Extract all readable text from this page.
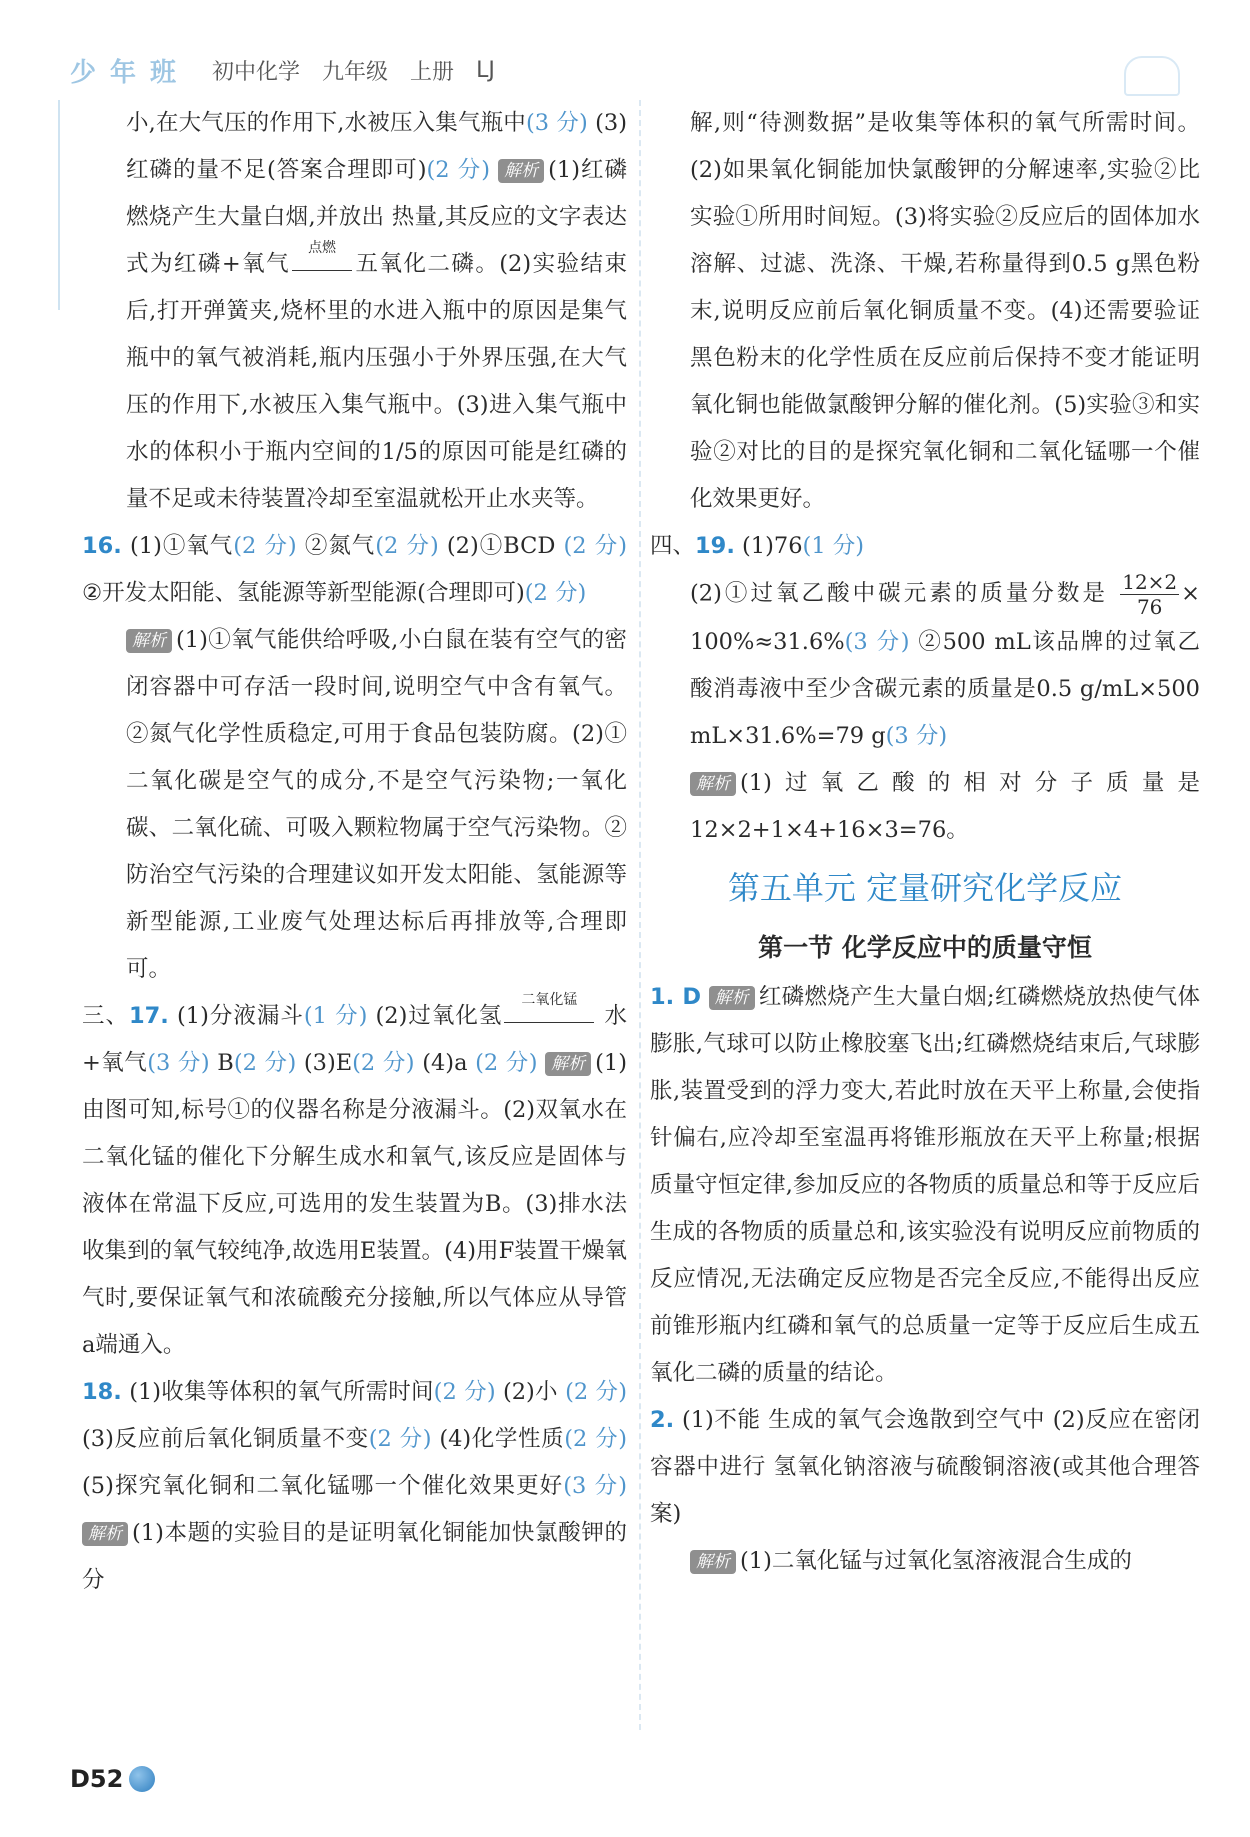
少年班 初中化学 九年级 上册 LJ

小,在大气压的作用下,水被压入集气瓶中(3 分) (3)红磷的量不足(答案合理即可)(2 分) 解析 (1)红磷燃烧产生大量白烟,并放出 热量,其反应的文字表达式为红磷+氧气
点燃
五氧化二磷。(2)实验结束后,打开弹簧夹,烧杯里的水进入瓶中的原因是集气瓶中的氧气被消耗,瓶内压强小于外界压强,在大气压的作用下,水被压入集气瓶中。(3)进入集气瓶中水的体积小于瓶内空间的1/5的原因可能是红磷的量不足或未待装置冷却至室温就松开止水夹等。

16. (1)①氧气(2 分) ②氮气(2 分) (2)①BCD (2 分) ②开发太阳能、氢能源等新型能源(合理即可)(2 分)

解析 (1)①氧气能供给呼吸,小白鼠在装有空气的密闭容器中可存活一段时间,说明空气中含有氧气。②氮气化学性质稳定,可用于食品包装防腐。(2)①二氧化碳是空气的成分,不是空气污染物;一氧化碳、二氧化硫、可吸入颗粒物属于空气污染物。②防治空气污染的合理建议如开发太阳能、氢能源等新型能源,工业废气处理达标后再排放等,合理即可。

三、17. (1)分液漏斗(1 分) (2)过氧化氢
二氧化锰
水+氧气(3 分) B(2 分) (3)E(2 分) (4)a (2 分) 解析 (1)由图可知,标号①的仪器名称是分液漏斗。(2)双氧水在二氧化锰的催化下分解生成水和氧气,该反应是固体与液体在常温下反应,可选用的发生装置为B。(3)排水法收集到的氧气较纯净,故选用E装置。(4)用F装置干燥氧气时,要保证氧气和浓硫酸充分接触,所以气体应从导管a端通入。

18. (1)收集等体积的氧气所需时间(2 分) (2)小 (2 分) (3)反应前后氧化铜质量不变(2 分) (4)化学性质(2 分) (5)探究氧化铜和二氧化锰哪一个催化效果更好(3 分) 解析 (1)本题的实验目的是证明氧化铜能加快氯酸钾的分

解,则“待测数据”是收集等体积的氧气所需时间。(2)如果氧化铜能加快氯酸钾的分解速率,实验②比实验①所用时间短。(3)将实验②反应后的固体加水溶解、过滤、洗涤、干燥,若称量得到0.5 g黑色粉末,说明反应前后氧化铜质量不变。(4)还需要验证黑色粉末的化学性质在反应前后保持不变才能证明氧化铜也能做氯酸钾分解的催化剂。(5)实验③和实验②对比的目的是探究氧化铜和二氧化锰哪一个催化效果更好。

四、19. (1)76(1 分)

(2)①过氧乙酸中碳元素的质量分数是 $\frac{12\times 2}{76} \times 100\%\approx 31.6\%(3$ 分) ②500 mL该品牌的过氧乙酸消毒液中至少含碳元素的质量是0.5 g/mL×500 mL×31.6%=79 g(3 分)

解析 (1)过氧乙酸的相对分子质量是12×2+1×4+16×3=76。

第五单元 定量研究化学反应
第一节 化学反应中的质量守恒

1. D 解析 红磷燃烧产生大量白烟;红磷燃烧放热使气体膨胀,气球可以防止橡胶塞飞出;红磷燃烧结束后,气球膨胀,装置受到的浮力变大,若此时放在天平上称量,会使指针偏右,应冷却至室温再将锥形瓶放在天平上称量;根据质量守恒定律,参加反应的各物质的质量总和等于反应后生成的各物质的质量总和,该实验没有说明反应前物质的反应情况,无法确定反应物是否完全反应,不能得出反应前锥形瓶内红磷和氧气的总质量一定等于反应后生成五氧化二磷的质量的结论。

2. (1)不能 生成的氧气会逸散到空气中 (2)反应在密闭容器中进行 氢氧化钠溶液与硫酸铜溶液(或其他合理答案)

解析 (1)二氧化锰与过氧化氢溶液混合生成的

D52
